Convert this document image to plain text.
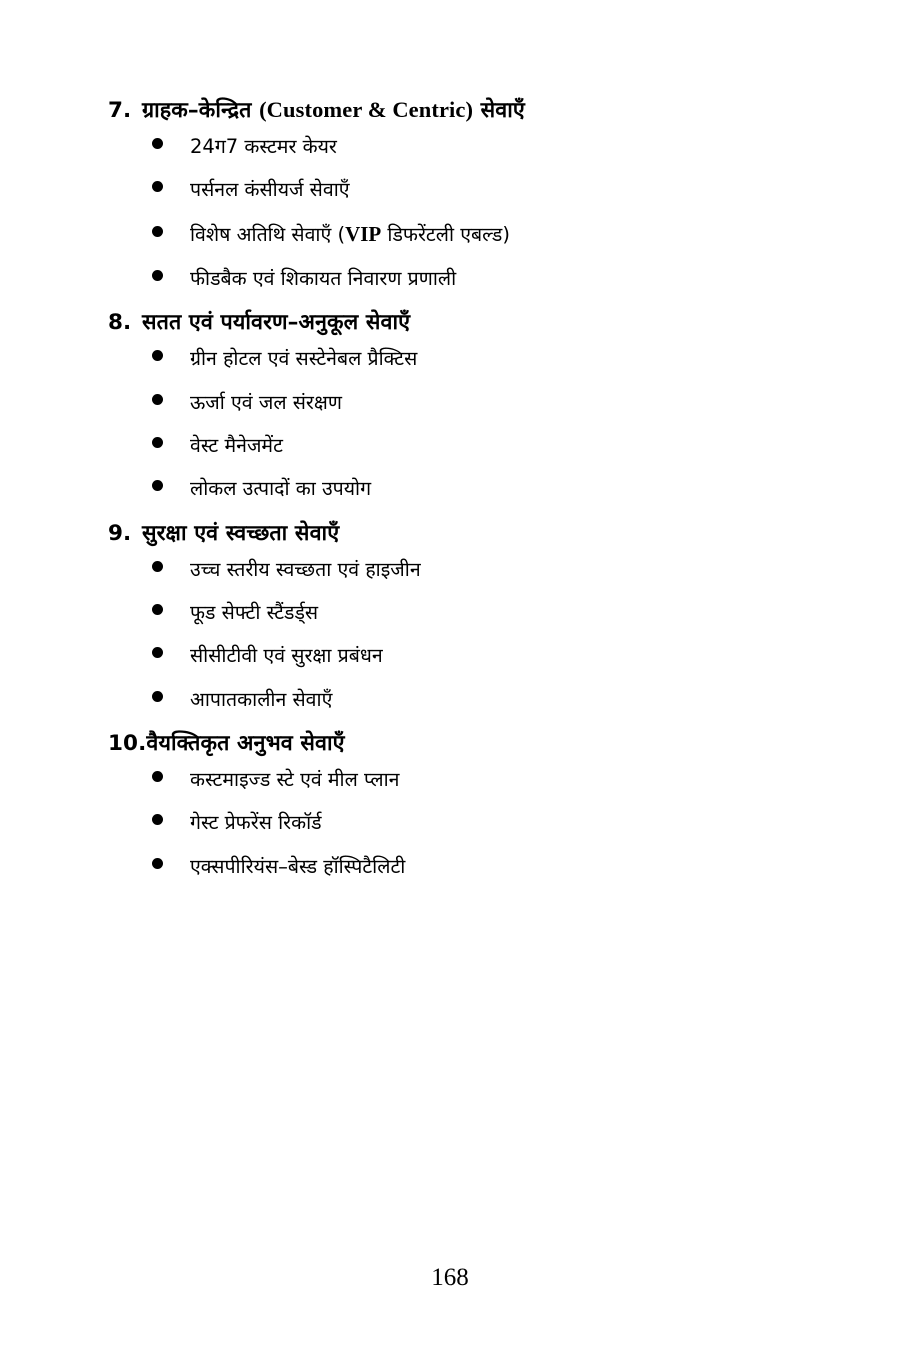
7. ग्राहक–केन्द्रित (Customer & Centric) सेवाएँ
24ग7 कस्टमर केयर
पर्सनल कंसीयर्ज सेवाएँ
विशेष अतिथि सेवाएँ (VIP डिफरेंटली एबल्ड)
फीडबैक एवं शिकायत निवारण प्रणाली
8. सतत एवं पर्यावरण–अनुकूल सेवाएँ
ग्रीन होटल एवं सस्टेनेबल प्रैक्टिस
ऊर्जा एवं जल संरक्षण
वेस्ट मैनेजमेंट
लोकल उत्पादों का उपयोग
9. सुरक्षा एवं स्वच्छता सेवाएँ
उच्च स्तरीय स्वच्छता एवं हाइजीन
फूड सेफ्टी स्टैंडर्ड्स
सीसीटीवी एवं सुरक्षा प्रबंधन
आपातकालीन सेवाएँ
10. वैयक्तिकृत अनुभव सेवाएँ
कस्टमाइज्ड स्टे एवं मील प्लान
गेस्ट प्रेफरेंस रिकॉर्ड
एक्सपीरियंस–बेस्ड हॉस्पिटैलिटी
168
